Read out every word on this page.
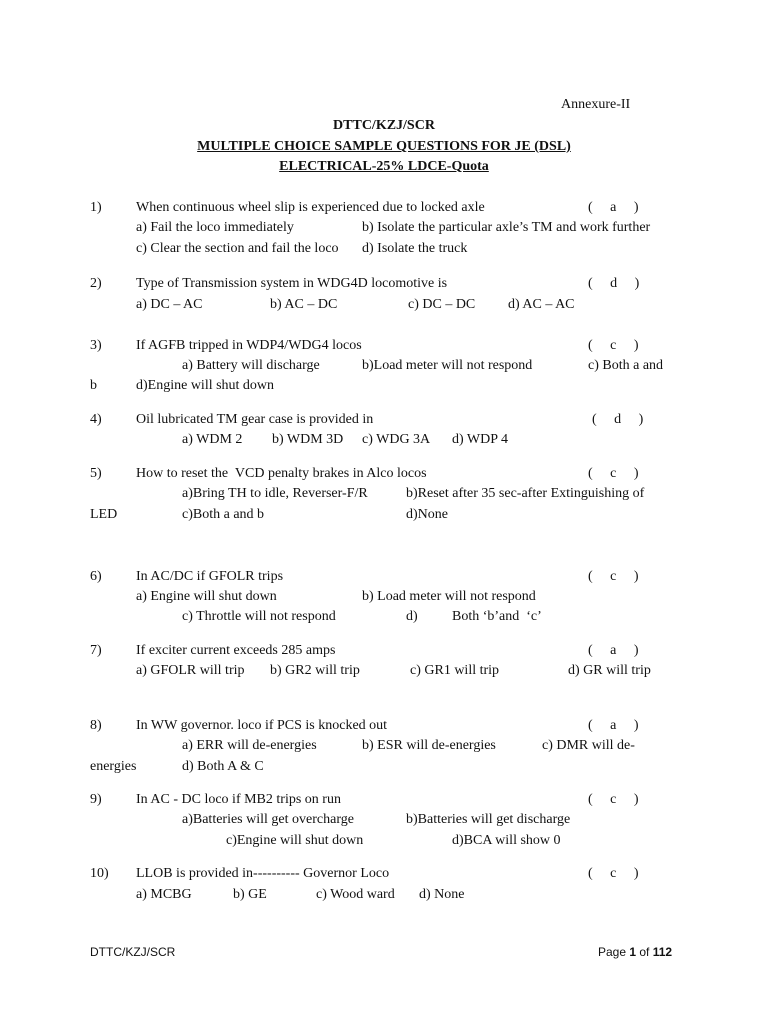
Annexure-II
DTTC/KZJ/SCR
MULTIPLE CHOICE SAMPLE QUESTIONS FOR JE (DSL)
ELECTRICAL-25% LDCE-Quota
1) When continuous wheel slip is experienced due to locked axle	(     a     )
a) Fail the loco immediately	b) Isolate the particular axle’s TM and work further
c) Clear the section and fail the loco d) Isolate the truck
2) Type of Transmission system in WDG4D locomotive is	(     d     )
a) DC – AC	b) AC – DC	c) DC – DC d) AC – AC
3) If AGFB tripped in WDP4/WDG4 locos	(     c     )
a) Battery will discharge	b)Load meter will not respond	c) Both a and
b	d)Engine will shut down
4) Oil lubricated TM gear case is provided in	(     d     )
a) WDM 2 b) WDM 3D c) WDG 3A d) WDP 4
5) How to reset the  VCD penalty brakes in Alco locos	(     c     )
a)Bring TH to idle, Reverser-F/R	b)Reset after 35 sec-after Extinguishing of
LED	c)Both a and b	d)None
6) In AC/DC if GFOLR trips	(     c     )
a) Engine will shut down	b) Load meter will not respond
c) Throttle will not respond	d) Both ‘b’and  ‘c’
7) If exciter current exceeds 285 amps	(     a     )
a) GFOLR will trip b) GR2 will trip	c) GR1 will trip	d) GR will trip
8) In WW governor. loco if PCS is knocked out	(     a     )
a) ERR will de-energies	b) ESR will de-energies	c) DMR will de-
energies	d) Both A & C
9) In AC - DC loco if MB2 trips on run	(     c     )
a)Batteries will get overcharge	b)Batteries will get discharge
c)Engine will shut down	d)BCA will show 0
10) LLOB is provided in---------- Governor Loco	(     c     )
a) MCBG	b) GE	c) Wood ward d) None
DTTC/KZJ/SCR	Page 1 of 112
